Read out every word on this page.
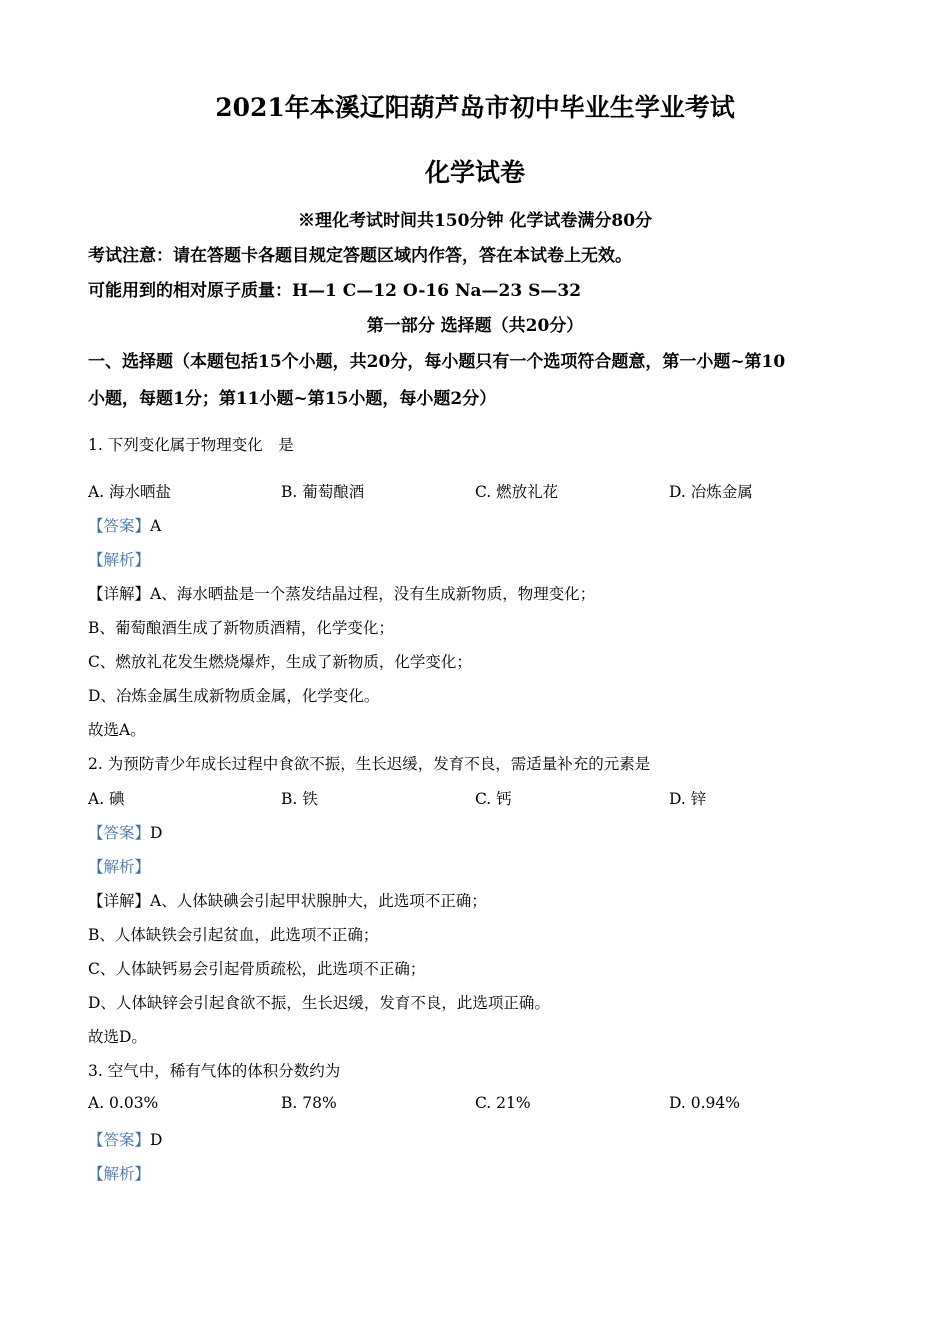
2021年本溪辽阳葫芦岛市初中毕业生学业考试
化学试卷
※理化考试时间共150分钟 化学试卷满分80分
考试注意：请在答题卡各题目规定答题区域内作答，答在本试卷上无效。
可能用到的相对原子质量：H—1 C—12 O-16 Na—23 S—32
第一部分 选择题（共20分）
一、选择题（本题包括15个小题，共20分，每小题只有一个选项符合题意，第一小题~第10
小题，每题1分；第11小题~第15小题，每小题2分）
1. 下列变化属于物理变化　是
A. 海水晒盐	B. 葡萄酿酒	C. 燃放礼花	D. 冶炼金属
【答案】A
【解析】
【详解】A、海水晒盐是一个蒸发结晶过程，没有生成新物质，物理变化；
B、葡萄酿酒生成了新物质酒精，化学变化；
C、燃放礼花发生燃烧爆炸，生成了新物质，化学变化；
D、冶炼金属生成新物质金属，化学变化。
故选A。
2. 为预防青少年成长过程中食欲不振，生长迟缓，发育不良，需适量补充的元素是
A. 碘	B. 铁	C. 钙	D. 锌
【答案】D
【解析】
【详解】A、人体缺碘会引起甲状腺肿大，此选项不正确；
B、人体缺铁会引起贫血，此选项不正确；
C、人体缺钙易会引起骨质疏松，此选项不正确；
D、人体缺锌会引起食欲不振，生长迟缓，发育不良，此选项正确。
故选D。
3. 空气中，稀有气体的体积分数约为
A. 0.03%	B. 78%	C. 21%	D. 0.94%
【答案】D
【解析】
